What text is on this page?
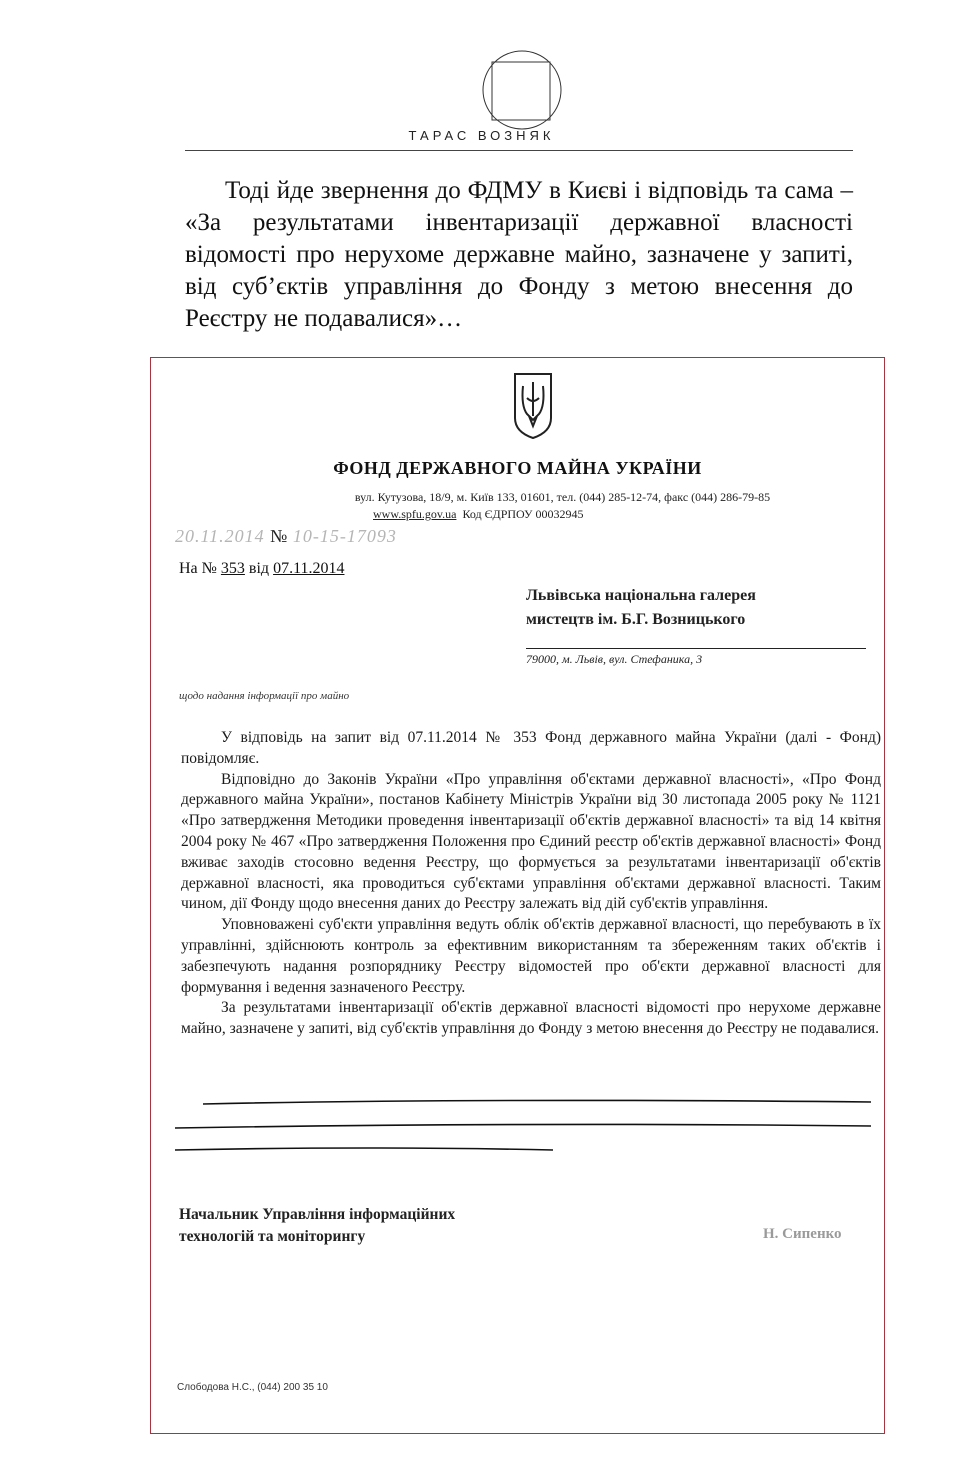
ТАРАС ВОЗНЯК
Тоді йде звернення до ФДМУ в Києві і відповідь та сама – «За результатами інвентаризації державної власності відомості про нерухоме державне майно, зазначене у запиті, від суб’єктів управління до Фонду з метою внесення до Реєстру не подавалися»…
ФОНД ДЕРЖАВНОГО МАЙНА УКРАЇНИ
вул. Кутузова, 18/9, м. Київ 133, 01601, тел. (044) 285-12-74, факс (044) 286-79-85
www.spfu.gov.ua Код ЄДРПОУ 00032945
20.11.2014 № 10-15-17093
На № 353 від 07.11.2014
Львівська національна галерея
мистецтв ім. Б.Г. Возницького
79000, м. Львів, вул. Стефаника, 3
щодо надання інформації про майно

У відповідь на запит від 07.11.2014 № 353 Фонд державного майна України (далі - Фонд) повідомляє.

Відповідно до Законів України «Про управління об'єктами державної власності», «Про Фонд державного майна України», постанов Кабінету Міністрів України від 30 листопада 2005 року № 1121 «Про затвердження Методики проведення інвентаризації об'єктів державної власності» та від 14 квітня 2004 року № 467 «Про затвердження Положення про Єдиний реєстр об'єктів державної власності» Фонд вживає заходів стосовно ведення Реєстру, що формується за результатами інвентаризації об'єктів державної власності, яка проводиться суб'єктами управління об'єктами державної власності. Таким чином, дії Фонду щодо внесення даних до Реєстру залежать від дій суб'єктів управління.

Уповноважені суб'єкти управління ведуть облік об'єктів державної власності, що перебувають в їх управлінні, здійснюють контроль за ефективним використанням та збереженням таких об'єктів і забезпечують надання розпоряднику Реєстру відомостей про об'єкти державної власності для формування і ведення зазначеного Реєстру.

За результатами інвентаризації об'єктів державної власності відомості про нерухоме державне майно, зазначене у запиті, від суб'єктів управління до Фонду з метою внесення до Реєстру не подавалися.

Начальник Управління інформаційних
технологій та моніторингу	Н. Сипенко
Слободова Н.С., (044) 200 35 10
